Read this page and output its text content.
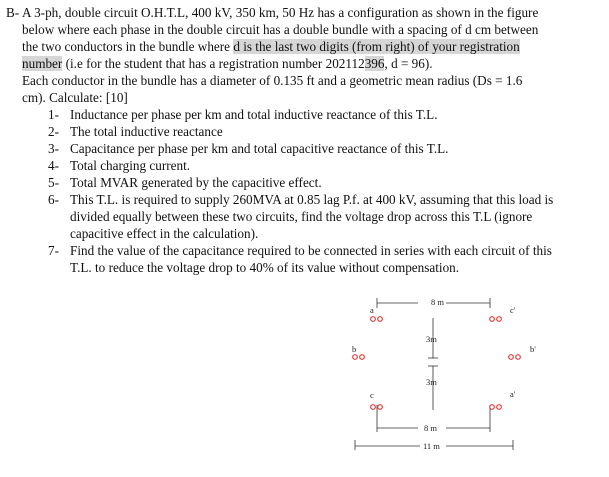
B- A 3-ph, double circuit O.H.T.L, 400 kV, 350 km, 50 Hz has a configuration as shown in the figure

below where each phase in the double circuit has a double bundle with a spacing of d cm between

the two conductors in the bundle where d is the last two digits (from right) of your registration

number (i.e for the student that has a registration number 202112396, d = 96).

Each conductor in the bundle has a diameter of 0.135 ft and a geometric mean radius (Ds = 1.6

cm). Calculate: [10]

1- Inductance per phase per km and total inductive reactance of this T.L.
2- The total inductive reactance
3- Capacitance per phase per km and total capacitive reactance of this T.L.
4- Total charging current.
5- Total MVAR generated by the capacitive effect.
6- This T.L. is required to supply 260MVA at 0.85 lag P.f. at 400 kV, assuming that this load is
divided equally between these two circuits, find the voltage drop across this T.L (ignore
capacitive effect in the calculation).
7- Find the value of the capacitance required to be connected in series with each circuit of this
T.L. to reduce the voltage drop to 40% of its value without compensation.
8 m
3m
3m
8 m
11 m
a
b
c	a'
b'
c'
